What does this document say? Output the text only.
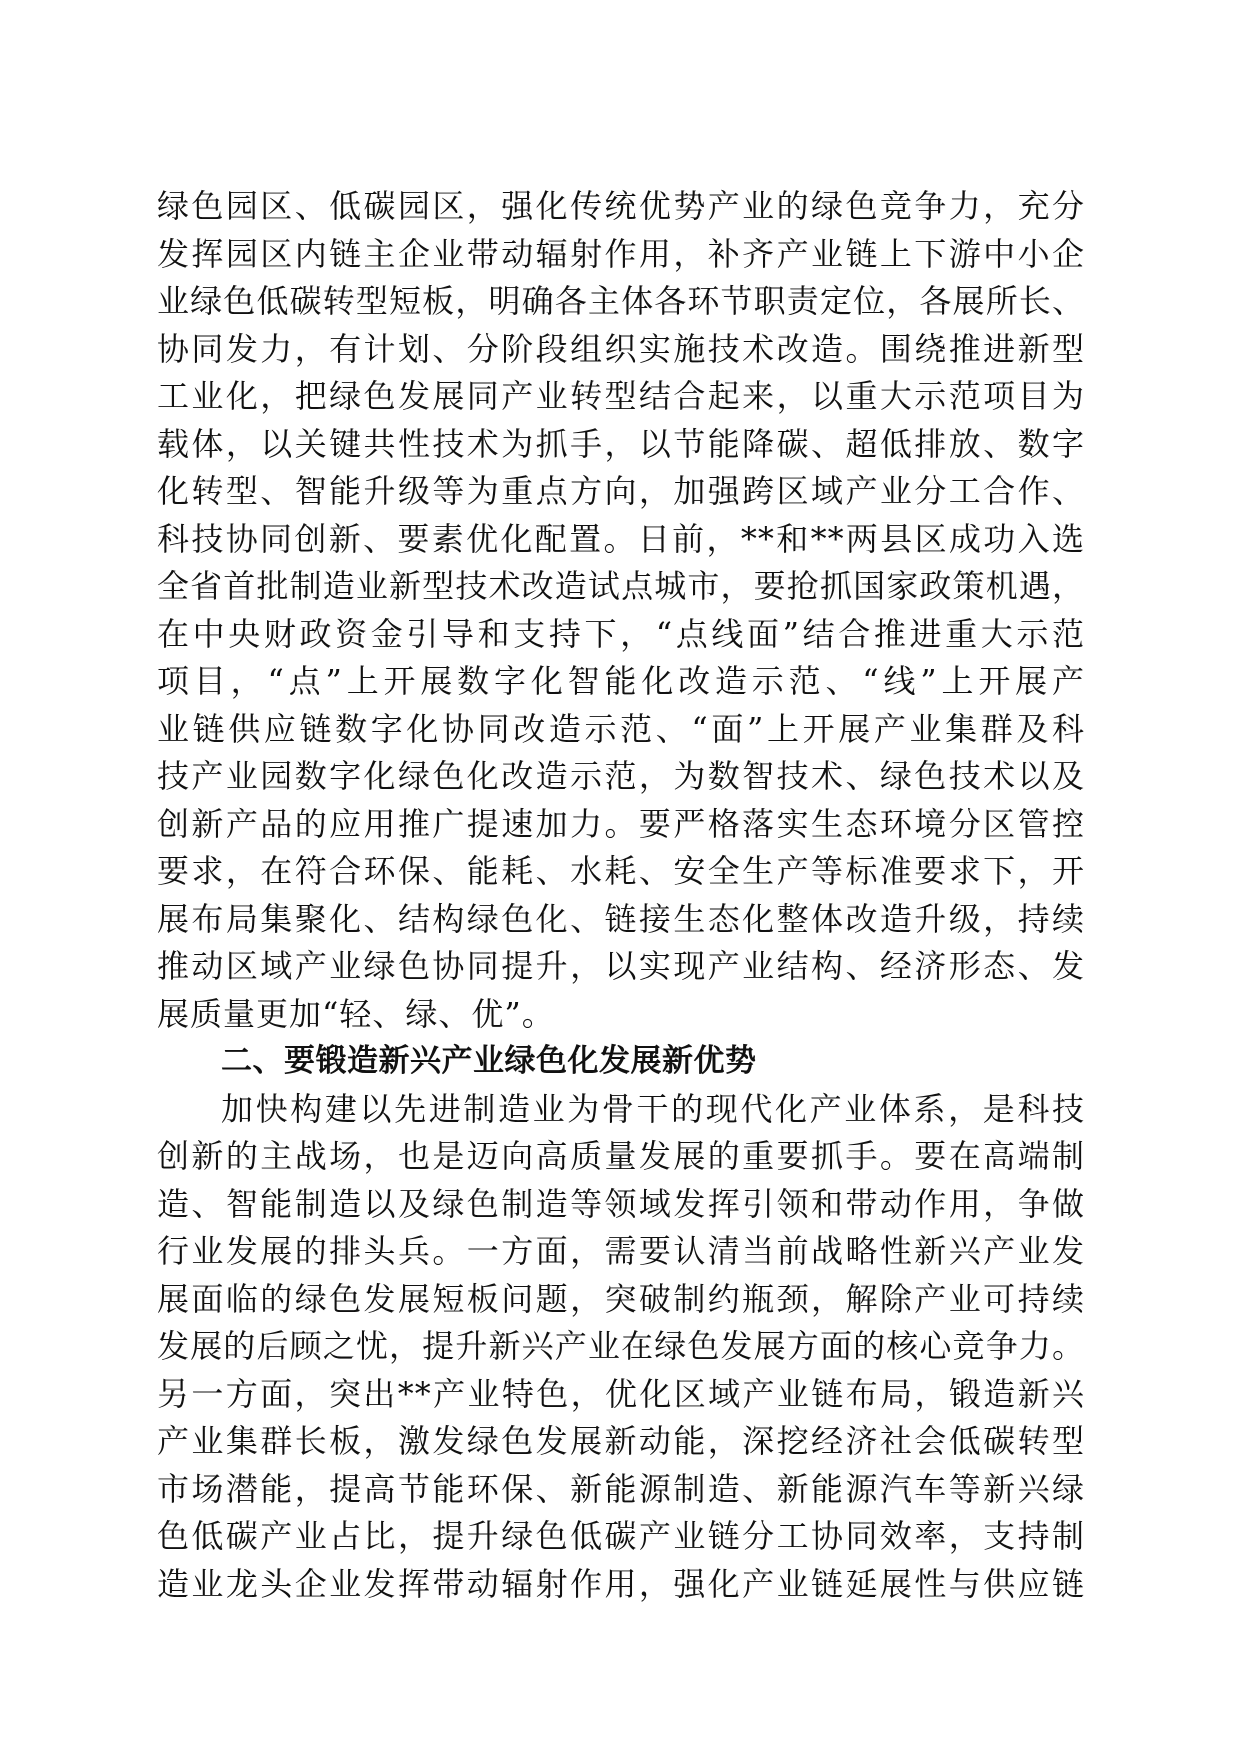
绿色园区、低碳园区，强化传统优势产业的绿色竞争力，充分
发挥园区内链主企业带动辐射作用，补齐产业链上下游中小企
业绿色低碳转型短板，明确各主体各环节职责定位，各展所长、
协同发力，有计划、分阶段组织实施技术改造。围绕推进新型
工业化，把绿色发展同产业转型结合起来，以重大示范项目为
载体，以关键共性技术为抓手，以节能降碳、超低排放、数字
化转型、智能升级等为重点方向，加强跨区域产业分工合作、
科技协同创新、要素优化配置。日前，**和**两县区成功入选
全省首批制造业新型技术改造试点城市，要抢抓国家政策机遇，
在中央财政资金引导和支持下，“点线面”结合推进重大示范
项目，“点”上开展数字化智能化改造示范、“线”上开展产
业链供应链数字化协同改造示范、“面”上开展产业集群及科
技产业园数字化绿色化改造示范，为数智技术、绿色技术以及
创新产品的应用推广提速加力。要严格落实生态环境分区管控
要求，在符合环保、能耗、水耗、安全生产等标准要求下，开
展布局集聚化、结构绿色化、链接生态化整体改造升级，持续
推动区域产业绿色协同提升，以实现产业结构、经济形态、发
展质量更加“轻、绿、优”。
二、要锻造新兴产业绿色化发展新优势
加快构建以先进制造业为骨干的现代化产业体系，是科技
创新的主战场，也是迈向高质量发展的重要抓手。要在高端制
造、智能制造以及绿色制造等领域发挥引领和带动作用，争做
行业发展的排头兵。一方面，需要认清当前战略性新兴产业发
展面临的绿色发展短板问题，突破制约瓶颈，解除产业可持续
发展的后顾之忧，提升新兴产业在绿色发展方面的核心竞争力。
另一方面，突出**产业特色，优化区域产业链布局，锻造新兴
产业集群长板，激发绿色发展新动能，深挖经济社会低碳转型
市场潜能，提高节能环保、新能源制造、新能源汽车等新兴绿
色低碳产业占比，提升绿色低碳产业链分工协同效率，支持制
造业龙头企业发挥带动辐射作用，强化产业链延展性与供应链
